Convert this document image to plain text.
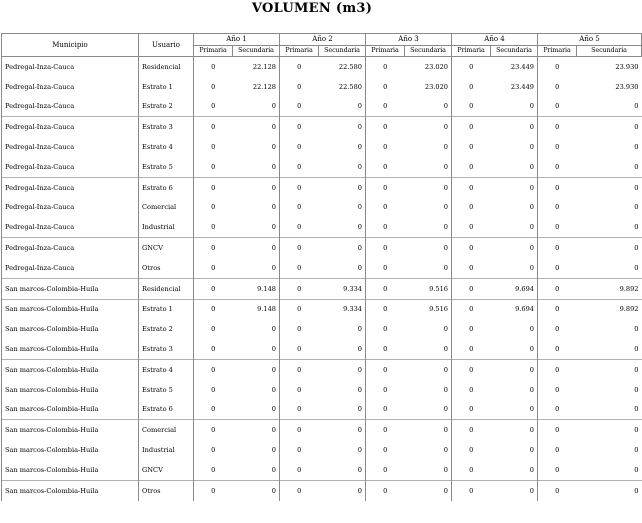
VOLUMEN (m3)
Municipio	Usuario	Año 1		Año 2		Año 3		Año 4		Año 5	
		Primaria	Secundaria	Primaria	Secundaria	Primaria	Secundaria	Primaria	Secundaria	Primaria	Secundaria
Pedregal-Inza-Cauca	Residencial	0	22.128	0	22.580	0	23.020	0	23.449	0	23.930
Pedregal-Inza-Cauca	Estrato 1	0	22.128	0	22.580	0	23.020	0	23.449	0	23.930
Pedregal-Inza-Cauca	Estrato 2	0	0	0	0	0	0	0	0	0	0
Pedregal-Inza-Cauca	Estrato 3	0	0	0	0	0	0	0	0	0	0
Pedregal-Inza-Cauca	Estrato 4	0	0	0	0	0	0	0	0	0	0
Pedregal-Inza-Cauca	Estrato 5	0	0	0	0	0	0	0	0	0	0
Pedregal-Inza-Cauca	Estrato 6	0	0	0	0	0	0	0	0	0	0
Pedregal-Inza-Cauca	Comercial	0	0	0	0	0	0	0	0	0	0
Pedregal-Inza-Cauca	Industrial	0	0	0	0	0	0	0	0	0	0
Pedregal-Inza-Cauca	GNCV	0	0	0	0	0	0	0	0	0	0
Pedregal-Inza-Cauca	Otros	0	0	0	0	0	0	0	0	0	0
San marcos-Colombia-Huila	Residencial	0	9.148	0	9.334	0	9.516	0	9.694	0	9.892
San marcos-Colombia-Huila	Estrato 1	0	9.148	0	9.334	0	9.516	0	9.694	0	9.892
San marcos-Colombia-Huila	Estrato 2	0	0	0	0	0	0	0	0	0	0
San marcos-Colombia-Huila	Estrato 3	0	0	0	0	0	0	0	0	0	0
San marcos-Colombia-Huila	Estrato 4	0	0	0	0	0	0	0	0	0	0
San marcos-Colombia-Huila	Estrato 5	0	0	0	0	0	0	0	0	0	0
San marcos-Colombia-Huila	Estrato 6	0	0	0	0	0	0	0	0	0	0
San marcos-Colombia-Huila	Comercial	0	0	0	0	0	0	0	0	0	0
San marcos-Colombia-Huila	Industrial	0	0	0	0	0	0	0	0	0	0
San marcos-Colombia-Huila	GNCV	0	0	0	0	0	0	0	0	0	0
San marcos-Colombia-Huila	Otros	0	0	0	0	0	0	0	0	0	0
